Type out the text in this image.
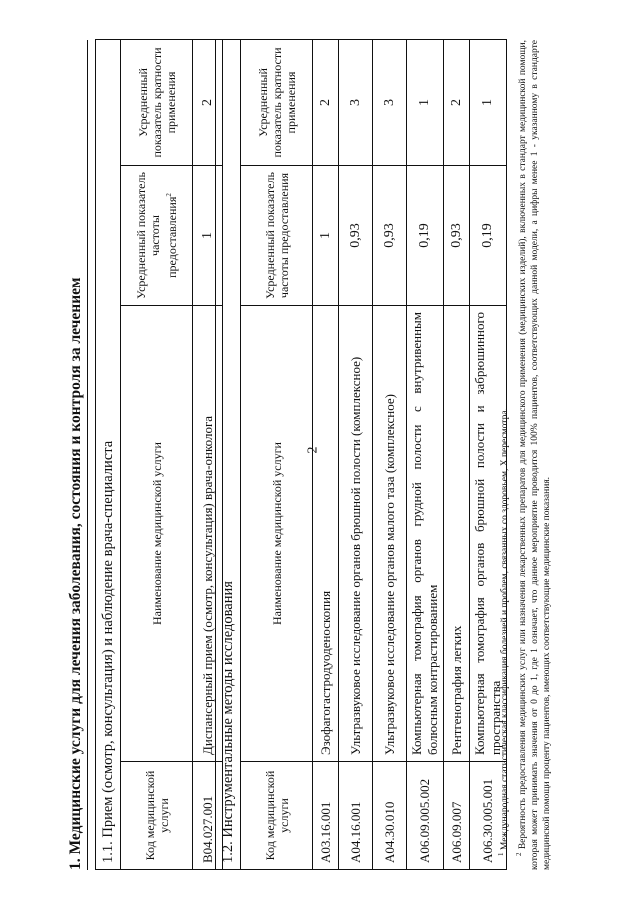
2
1. Медицинские услуги для лечения заболевания, состояния и контроля за лечением 1.1. Прием (осмотр, консультация) и наблюдение врача-специалиста			
Код медицинской услуги	Наименование медицинской услуги	Усредненный показатель частоты предоставления$^2$	Усредненный показатель кратности применения
B04.027.001	Диспансерный прием (осмотр, консультация) врача-онколога	1	2
1.2. Инструментальные методы исследования			
Код медицинской услуги	Наименование медицинской услуги	Усредненный показатель частоты предоставления	Усредненный показатель кратности применения
A03.16.001	Эзофагогастродуоденоскопия	1	2
A04.16.001	Ультразвуковое исследование органов брюшной полости (комплексное)	0,93	3
A04.30.010	Ультразвуковое исследование органов малого таза (комплексное)	0,93	3
A06.09.005.002	Компьютерная томография органов грудной полости с внутривенным болюсным контрастированием	0,19	1
A06.09.007	Рентгенография легких	0,93	2
A06.30.005.001	Компьютерная томография органов брюшной полости и забрюшинного пространства	0,19	1

$^1$ Международная статистическая классификация болезней и проблем, связанных со здоровьем, X пересмотра.

$^2$ Вероятность предоставления медицинских услуг или назначения лекарственных препаратов для медицинского применения (медицинских изделий), включенных в стандарт медицинской помощи, которая может принимать значения от 0 до 1, где 1 означает, что данное мероприятие проводится 100% пациентов, соответствующих данной модели, а цифры менее 1 - указанному в стандарте медицинской помощи проценту пациентов, имеющих соответствующие медицинские показания.
